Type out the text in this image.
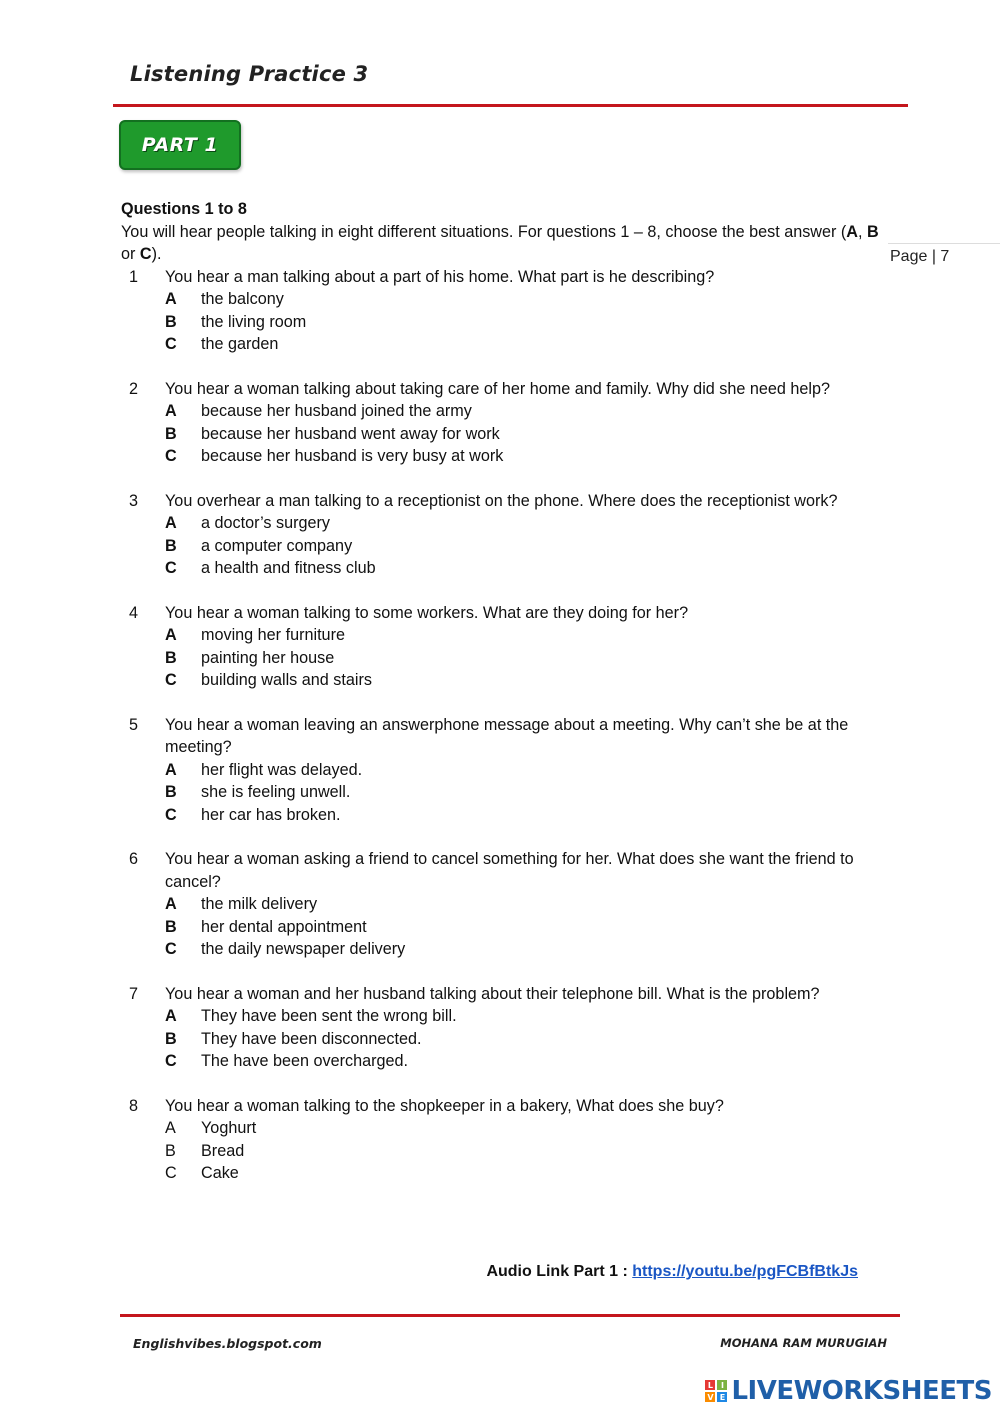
Listening Practice 3
PART 1
Page | 7
Questions 1 to 8
You will hear people talking in eight different situations. For questions 1 – 8, choose the best answer (A, B or C).
1	You hear a man talking about a part of his home. What part is he describing?
A	the balcony
B	the living room
C	the garden
2	You hear a woman talking about taking care of her home and family. Why did she need help?
A	because her husband joined the army
B	because her husband went away for work
C	because her husband is very busy at work
3	You overhear a man talking to a receptionist on the phone. Where does the receptionist work?
A	a doctor’s surgery
B	a computer company
C	a health and fitness club
4	You hear a woman talking to some workers. What are they doing for her?
A	moving her furniture
B	painting her house
C	building walls and stairs
5	You hear a woman leaving an answerphone message about a meeting. Why can’t she be at the meeting?
A	her flight was delayed.
B	she is feeling unwell.
C	her car has broken.
6	You hear a woman asking a friend to cancel something for her. What does she want the friend to cancel?
A	the milk delivery
B	her dental appointment
C	the daily newspaper delivery
7	You hear a woman and her husband talking about their telephone bill. What is the problem?
A	They have been sent the wrong bill.
B	They have been disconnected.
C	The have been overcharged.
8	You hear a woman talking to the shopkeeper in a bakery, What does she buy?
A	Yoghurt
B	Bread
C	Cake
Audio Link Part 1 : https://youtu.be/pgFCBfBtkJs
Englishvibes.blogspot.com	MOHANA RAM MURUGIAH
L I
V E LIVEWORKSHEETS
